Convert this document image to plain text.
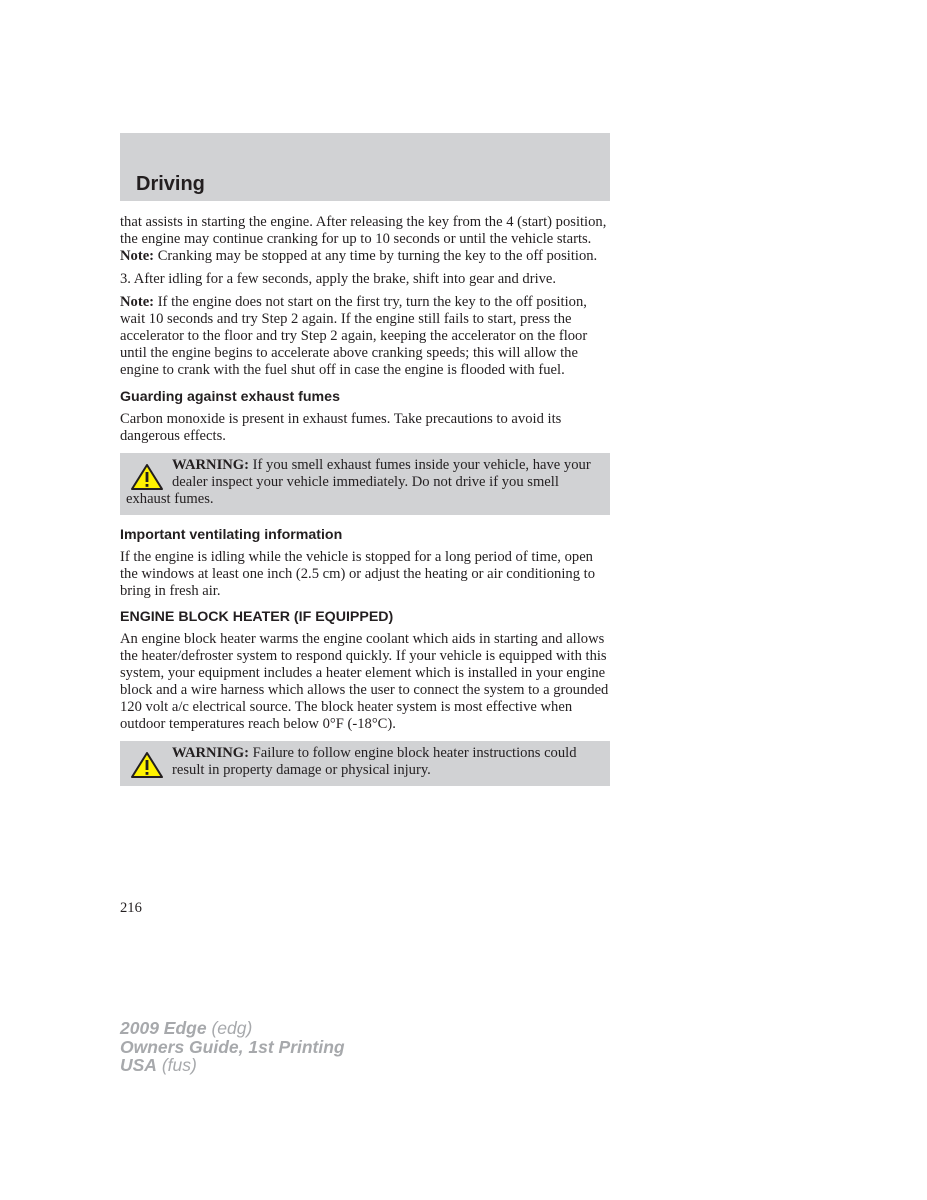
Driving

that assists in starting the engine. After releasing the key from the 4 (start) position, the engine may continue cranking for up to 10 seconds or until the vehicle starts.

Note: Cranking may be stopped at any time by turning the key to the off position.

3. After idling for a few seconds, apply the brake, shift into gear and drive.

Note: If the engine does not start on the first try, turn the key to the off position, wait 10 seconds and try Step 2 again. If the engine still fails to start, press the accelerator to the floor and try Step 2 again, keeping the accelerator on the floor until the engine begins to accelerate above cranking speeds; this will allow the engine to crank with the fuel shut off in case the engine is flooded with fuel.

Guarding against exhaust fumes

Carbon monoxide is present in exhaust fumes. Take precautions to avoid its dangerous effects.

WARNING: If you smell exhaust fumes inside your vehicle, have your dealer inspect your vehicle immediately. Do not drive if you smell exhaust fumes.
Important ventilating information

If the engine is idling while the vehicle is stopped for a long period of time, open the windows at least one inch (2.5 cm) or adjust the heating or air conditioning to bring in fresh air.

ENGINE BLOCK HEATER (IF EQUIPPED)

An engine block heater warms the engine coolant which aids in starting and allows the heater/defroster system to respond quickly. If your vehicle is equipped with this system, your equipment includes a heater element which is installed in your engine block and a wire harness which allows the user to connect the system to a grounded 120 volt a/c electrical source. The block heater system is most effective when outdoor temperatures reach below 0°F (-18°C).

WARNING: Failure to follow engine block heater instructions could result in property damage or physical injury.
216
2009 Edge (edg)
Owners Guide, 1st Printing
USA (fus)
